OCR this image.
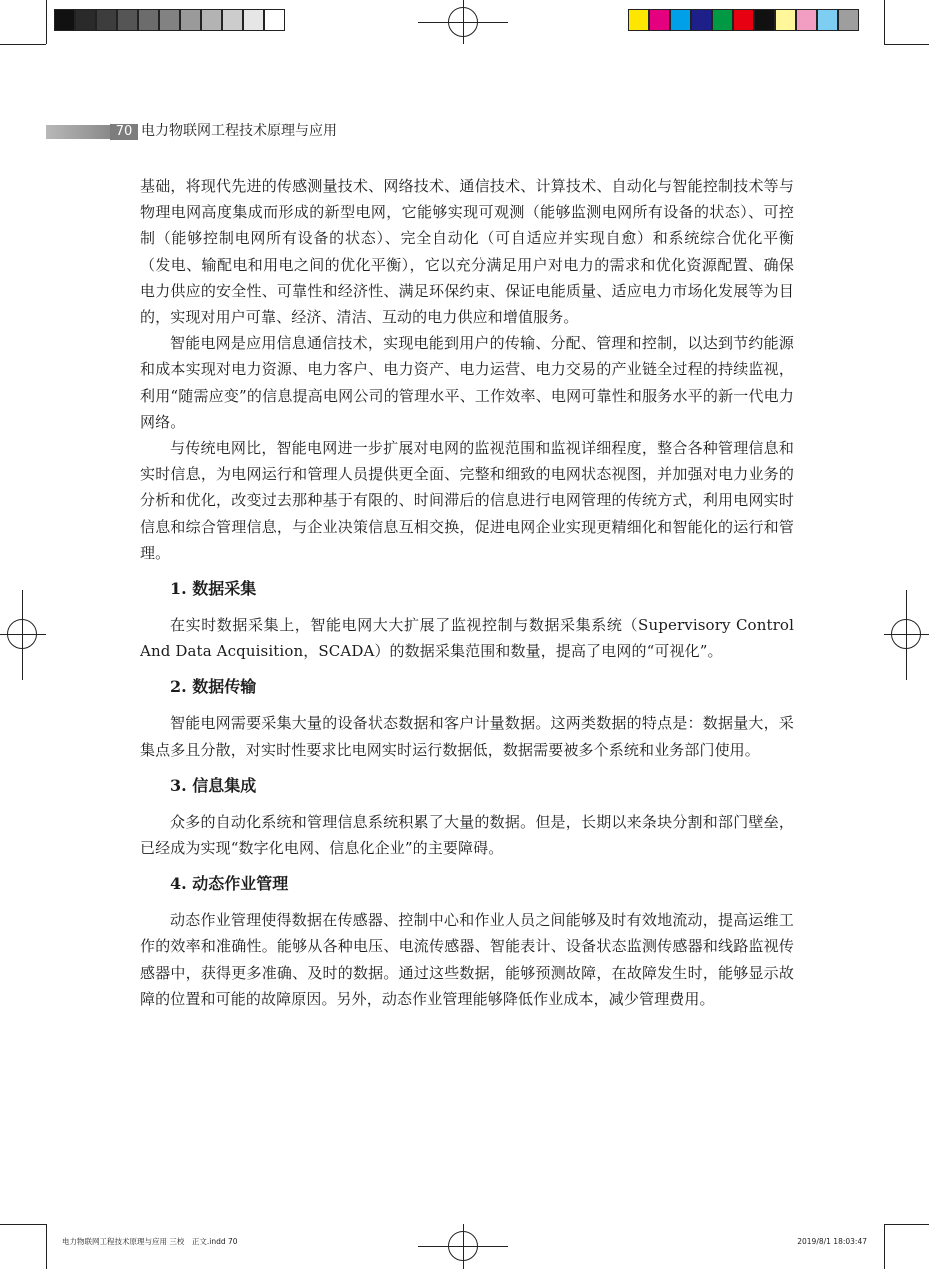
70 电力物联网工程技术原理与应用

基础，将现代先进的传感测量技术、网络技术、通信技术、计算技术、自动化与智能控制技术等与物理电网高度集成而形成的新型电网，它能够实现可观测（能够监测电网所有设备的状态）、可控制（能够控制电网所有设备的状态）、完全自动化（可自适应并实现自愈）和系统综合优化平衡（发电、输配电和用电之间的优化平衡），它以充分满足用户对电力的需求和优化资源配置、确保电力供应的安全性、可靠性和经济性、满足环保约束、保证电能质量、适应电力市场化发展等为目的，实现对用户可靠、经济、清洁、互动的电力供应和增值服务。

智能电网是应用信息通信技术，实现电能到用户的传输、分配、管理和控制，以达到节约能源和成本实现对电力资源、电力客户、电力资产、电力运营、电力交易的产业链全过程的持续监视，利用“随需应变”的信息提高电网公司的管理水平、工作效率、电网可靠性和服务水平的新一代电力网络。

与传统电网比，智能电网进一步扩展对电网的监视范围和监视详细程度，整合各种管理信息和实时信息，为电网运行和管理人员提供更全面、完整和细致的电网状态视图，并加强对电力业务的分析和优化，改变过去那种基于有限的、时间滞后的信息进行电网管理的传统方式，利用电网实时信息和综合管理信息，与企业决策信息互相交换，促进电网企业实现更精细化和智能化的运行和管理。

1. 数据采集

在实时数据采集上，智能电网大大扩展了监视控制与数据采集系统（Supervisory Control And Data Acquisition，SCADA）的数据采集范围和数量，提高了电网的“可视化”。

2. 数据传输

智能电网需要采集大量的设备状态数据和客户计量数据。这两类数据的特点是：数据量大，采集点多且分散，对实时性要求比电网实时运行数据低，数据需要被多个系统和业务部门使用。

3. 信息集成

众多的自动化系统和管理信息系统积累了大量的数据。但是，长期以来条块分割和部门壁垒，已经成为实现“数字化电网、信息化企业”的主要障碍。

4. 动态作业管理

动态作业管理使得数据在传感器、控制中心和作业人员之间能够及时有效地流动，提高运维工作的效率和准确性。能够从各种电压、电流传感器、智能表计、设备状态监测传感器和线路监视传感器中，获得更多准确、及时的数据。通过这些数据，能够预测故障，在故障发生时，能够显示故障的位置和可能的故障原因。另外，动态作业管理能够降低作业成本，减少管理费用。

电力物联网工程技术原理与应用 三校　正文.indd 70	2019/8/1 18:03:47
